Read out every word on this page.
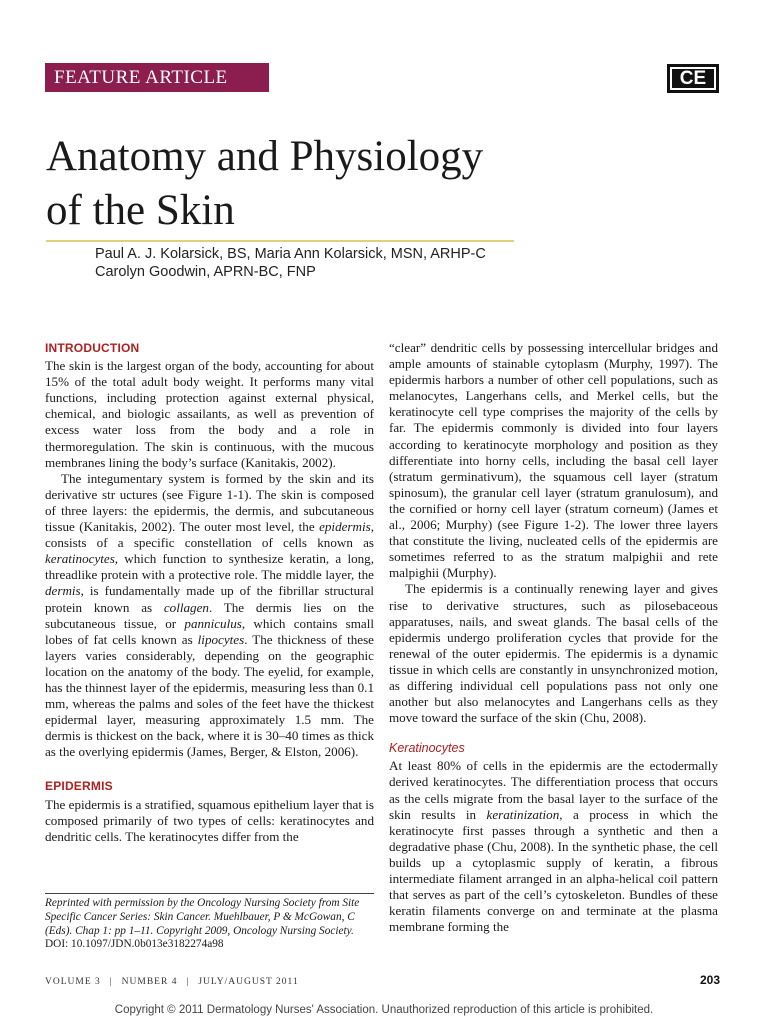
FEATURE ARTICLE	CE
Anatomy and Physiology
of the Skin
Paul A. J. Kolarsick, BS, Maria Ann Kolarsick, MSN, ARHP-C
Carolyn Goodwin, APRN-BC, FNP
INTRODUCTION

The skin is the largest organ of the body, accounting for about 15% of the total adult body weight. It performs many vital functions, including protection against external physical, chemical, and biologic assailants, as well as prevention of excess water loss from the body and a role in thermoregulation. The skin is continuous, with the mucous membranes lining the body’s surface (Kanitakis, 2002).

The integumentary system is formed by the skin and its derivative str uctures (see Figure 1-1). The skin is composed of three layers: the epidermis, the dermis, and subcutaneous tissue (Kanitakis, 2002). The outer most level, the epidermis, consists of a specific constellation of cells known as keratinocytes, which function to synthesize keratin, a long, threadlike protein with a protective role. The middle layer, the dermis, is fundamentally made up of the fibrillar structural protein known as collagen. The dermis lies on the subcutaneous tissue, or panniculus, which contains small lobes of fat cells known as lipocytes. The thickness of these layers varies considerably, depending on the geographic location on the anatomy of the body. The eyelid, for example, has the thinnest layer of the epidermis, measuring less than 0.1 mm, whereas the palms and soles of the feet have the thickest epidermal layer, measuring approximately 1.5 mm. The dermis is thickest on the back, where it is 30–40 times as thick as the overlying epidermis (James, Berger, & Elston, 2006).

EPIDERMIS

The epidermis is a stratified, squamous epithelium layer that is composed primarily of two types of cells: keratinocytes and dendritic cells. The keratinocytes differ from the

Reprinted with permission by the Oncology Nursing Society from Site Specific Cancer Series: Skin Cancer. Muehlbauer, P & McGowan, C (Eds). Chap 1: pp 1–11. Copyright 2009, Oncology Nursing Society.
DOI: 10.1097/JDN.0b013e3182274a98

“clear” dendritic cells by possessing intercellular bridges and ample amounts of stainable cytoplasm (Murphy, 1997). The epidermis harbors a number of other cell populations, such as melanocytes, Langerhans cells, and Merkel cells, but the keratinocyte cell type comprises the majority of the cells by far. The epidermis commonly is divided into four layers according to keratinocyte morphology and position as they differentiate into horny cells, including the basal cell layer (stratum germinativum), the squamous cell layer (stratum spinosum), the granular cell layer (stratum granulosum), and the cornified or horny cell layer (stratum corneum) (James et al., 2006; Murphy) (see Figure 1-2). The lower three layers that constitute the living, nucleated cells of the epidermis are sometimes referred to as the stratum malpighii and rete malpighii (Murphy).

The epidermis is a continually renewing layer and gives rise to derivative structures, such as pilosebaceous apparatuses, nails, and sweat glands. The basal cells of the epidermis undergo proliferation cycles that provide for the renewal of the outer epidermis. The epidermis is a dynamic tissue in which cells are constantly in unsynchronized motion, as differing individual cell populations pass not only one another but also melanocytes and Langerhans cells as they move toward the surface of the skin (Chu, 2008).

Keratinocytes

At least 80% of cells in the epidermis are the ectodermally derived keratinocytes. The differentiation process that occurs as the cells migrate from the basal layer to the surface of the skin results in keratinization, a process in which the keratinocyte first passes through a synthetic and then a degradative phase (Chu, 2008). In the synthetic phase, the cell builds up a cytoplasmic supply of keratin, a fibrous intermediate filament arranged in an alpha-helical coil pattern that serves as part of the cell’s cytoskeleton. Bundles of these keratin filaments converge on and terminate at the plasma membrane forming the

VOLUME 3 | NUMBER 4 | JULY/AUGUST 2011	203
Copyright © 2011 Dermatology Nurses' Association. Unauthorized reproduction of this article is prohibited.
